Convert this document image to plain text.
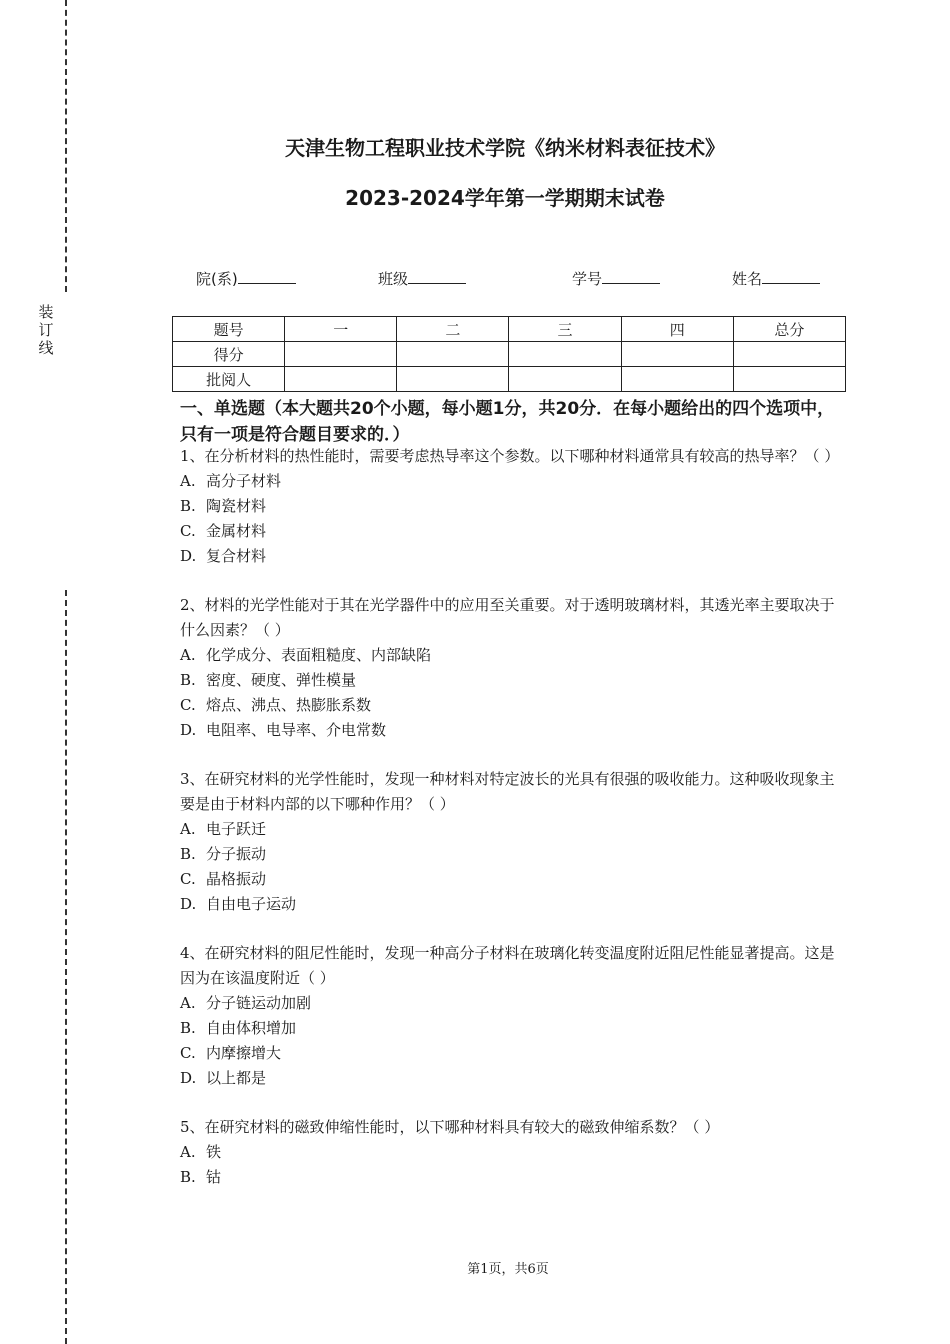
装订线
天津生物工程职业技术学院《纳米材料表征技术》
2023-2024学年第一学期期末试卷
院(系)	班级	学号	姓名
题号	一	二	三	四	总分
得分					
批阅人					
一、单选题（本大题共20个小题，每小题1分，共20分．在每小题给出的四个选项中，只有一项是符合题目要求的．）

1、在分析材料的热性能时，需要考虑热导率这个参数。以下哪种材料通常具有较高的热导率？（ ）

A. 高分子材料

B. 陶瓷材料

C. 金属材料

D. 复合材料

2、材料的光学性能对于其在光学器件中的应用至关重要。对于透明玻璃材料，其透光率主要取决于什么因素？（ ）

A. 化学成分、表面粗糙度、内部缺陷

B. 密度、硬度、弹性模量

C. 熔点、沸点、热膨胀系数

D. 电阻率、电导率、介电常数

3、在研究材料的光学性能时，发现一种材料对特定波长的光具有很强的吸收能力。这种吸收现象主要是由于材料内部的以下哪种作用？（ ）

A. 电子跃迁

B. 分子振动

C. 晶格振动

D. 自由电子运动

4、在研究材料的阻尼性能时，发现一种高分子材料在玻璃化转变温度附近阻尼性能显著提高。这是因为在该温度附近（ ）

A. 分子链运动加剧

B. 自由体积增加

C. 内摩擦增大

D. 以上都是

5、在研究材料的磁致伸缩性能时，以下哪种材料具有较大的磁致伸缩系数？（ ）

A. 铁

B. 钴

第1页，共6页
